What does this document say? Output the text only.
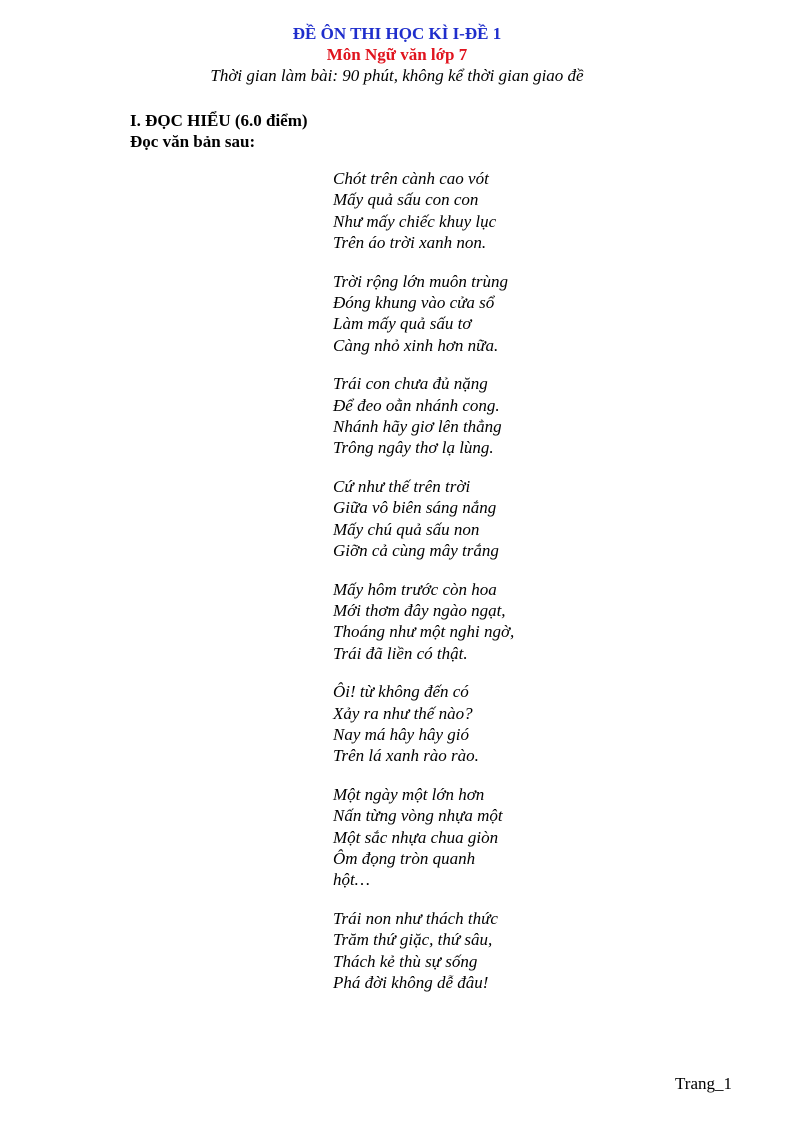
ĐỀ ÔN THI HỌC KÌ I-ĐỀ 1
Môn Ngữ văn lớp 7
Thời gian làm bài: 90 phút, không kể thời gian giao đề
I. ĐỌC HIỂU (6.0 điểm)
Đọc văn bản sau:
Chót trên cành cao vót
Mấy quả sấu con con
Như mấy chiếc khuy lục
Trên áo trời xanh non.
Trời rộng lớn muôn trùng
Đóng khung vào cửa sổ
Làm mấy quả sấu tơ
Càng nhỏ xinh hơn nữa.
Trái con chưa đủ nặng
Để đeo oằn nhánh cong.
Nhánh hãy giơ lên thẳng
Trông ngây thơ lạ lùng.
Cứ như thế trên trời
Giữa vô biên sáng nắng
Mấy chú quả sấu non
Giỡn cả cùng mây trắng
Mấy hôm trước còn hoa
Mới thơm đây ngào ngạt,
Thoáng như một nghi ngờ,
Trái đã liền có thật.
Ôi! từ không đến có
Xảy ra như thế nào?
Nay má hây hây gió
Trên lá xanh rào rào.
Một ngày một lớn hơn
Nấn từng vòng nhựa một
Một sắc nhựa chua giòn
Ôm đọng tròn quanh
hột…
Trái non như thách thức
Trăm thứ giặc, thứ sâu,
Thách kẻ thù sự sống
Phá đời không dễ đâu!
Trang_1
